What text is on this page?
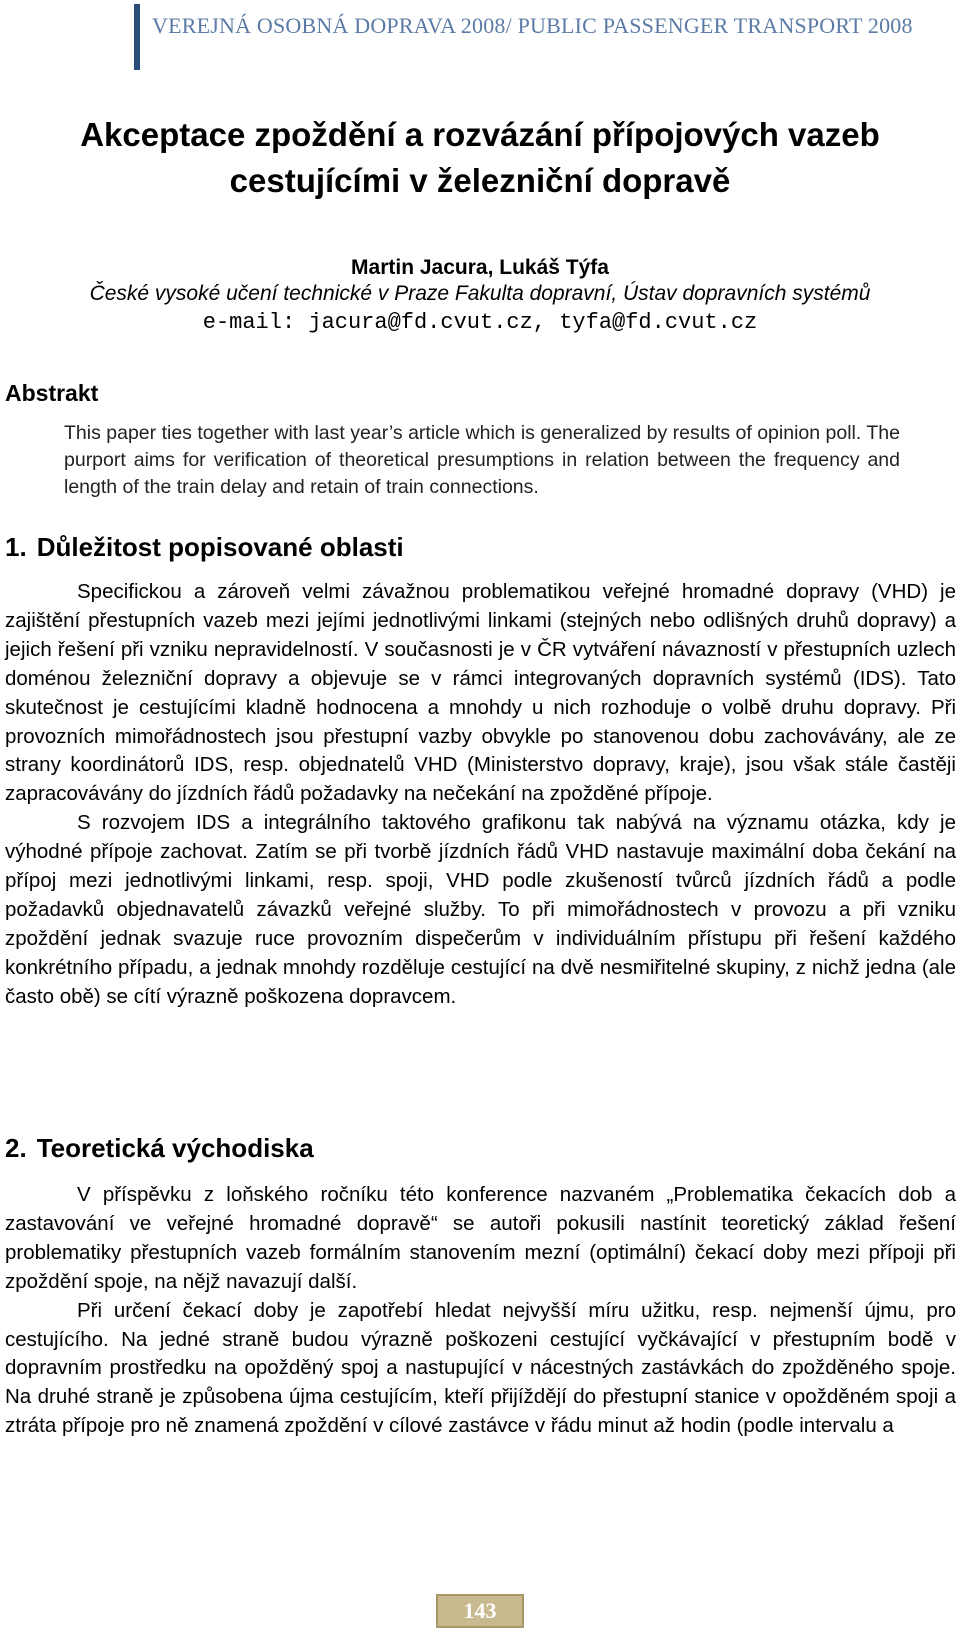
VEREJNÁ OSOBNÁ DOPRAVA 2008/ PUBLIC PASSENGER TRANSPORT 2008
Akceptace zpoždění a rozvázání přípojových vazeb
cestujícími v železniční dopravě
Martin Jacura, Lukáš Týfa
České vysoké učení technické v Praze Fakulta dopravní, Ústav dopravních systémů
e-mail: jacura@fd.cvut.cz, tyfa@fd.cvut.cz
Abstrakt
This paper ties together with last year’s article which is generalized by results of opinion poll. The purport aims for verification of theoretical presumptions in relation between the frequency and length of the train delay and retain of train connections.
1. Důležitost popisované oblasti

Specifickou a zároveň velmi závažnou problematikou veřejné hromadné dopravy (VHD) je zajištění přestupních vazeb mezi jejími jednotlivými linkami (stejných nebo odlišných druhů dopravy) a jejich řešení při vzniku nepravidelností. V současnosti je v ČR vytváření návazností v přestupních uzlech doménou železniční dopravy a objevuje se v rámci integrovaných dopravních systémů (IDS). Tato skutečnost je cestujícími kladně hodnocena a mnohdy u nich rozhoduje o volbě druhu dopravy. Při provozních mimořádnostech jsou přestupní vazby obvykle po stanovenou dobu zachovávány, ale ze strany koordinátorů IDS, resp. objednatelů VHD (Ministerstvo dopravy, kraje), jsou však stále častěji zapracovávány do jízdních řádů požadavky na nečekání na zpožděné přípoje.

S rozvojem IDS a integrálního taktového grafikonu tak nabývá na významu otázka, kdy je výhodné přípoje zachovat. Zatím se při tvorbě jízdních řádů VHD nastavuje maximální doba čekání na přípoj mezi jednotlivými linkami, resp. spoji, VHD podle zkušeností tvůrců jízdních řádů a podle požadavků objednavatelů závazků veřejné služby. To při mimořádnostech v provozu a při vzniku zpoždění jednak svazuje ruce provozním dispečerům v individuálním přístupu při řešení každého konkrétního případu, a jednak mnohdy rozděluje cestující na dvě nesmiřitelné skupiny, z nichž jedna (ale často obě) se cítí výrazně poškozena dopravcem.

2. Teoretická východiska

V příspěvku z loňského ročníku této konference nazvaném „Problematika čekacích dob a zastavování ve veřejné hromadné dopravě“ se autoři pokusili nastínit teoretický základ řešení problematiky přestupních vazeb formálním stanovením mezní (optimální) čekací doby mezi přípoji při zpoždění spoje, na nějž navazují další.

Při určení čekací doby je zapotřebí hledat nejvyšší míru užitku, resp. nejmenší újmu, pro cestujícího. Na jedné straně budou výrazně poškozeni cestující vyčkávající v přestupním bodě v dopravním prostředku na opožděný spoj a nastupující v nácestných zastávkách do zpožděného spoje. Na druhé straně je způsobena újma cestujícím, kteří přijíždějí do přestupní stanice v opožděném spoji a ztráta přípoje pro ně znamená zpoždění v cílové zastávce v řádu minut až hodin (podle intervalu a

143
